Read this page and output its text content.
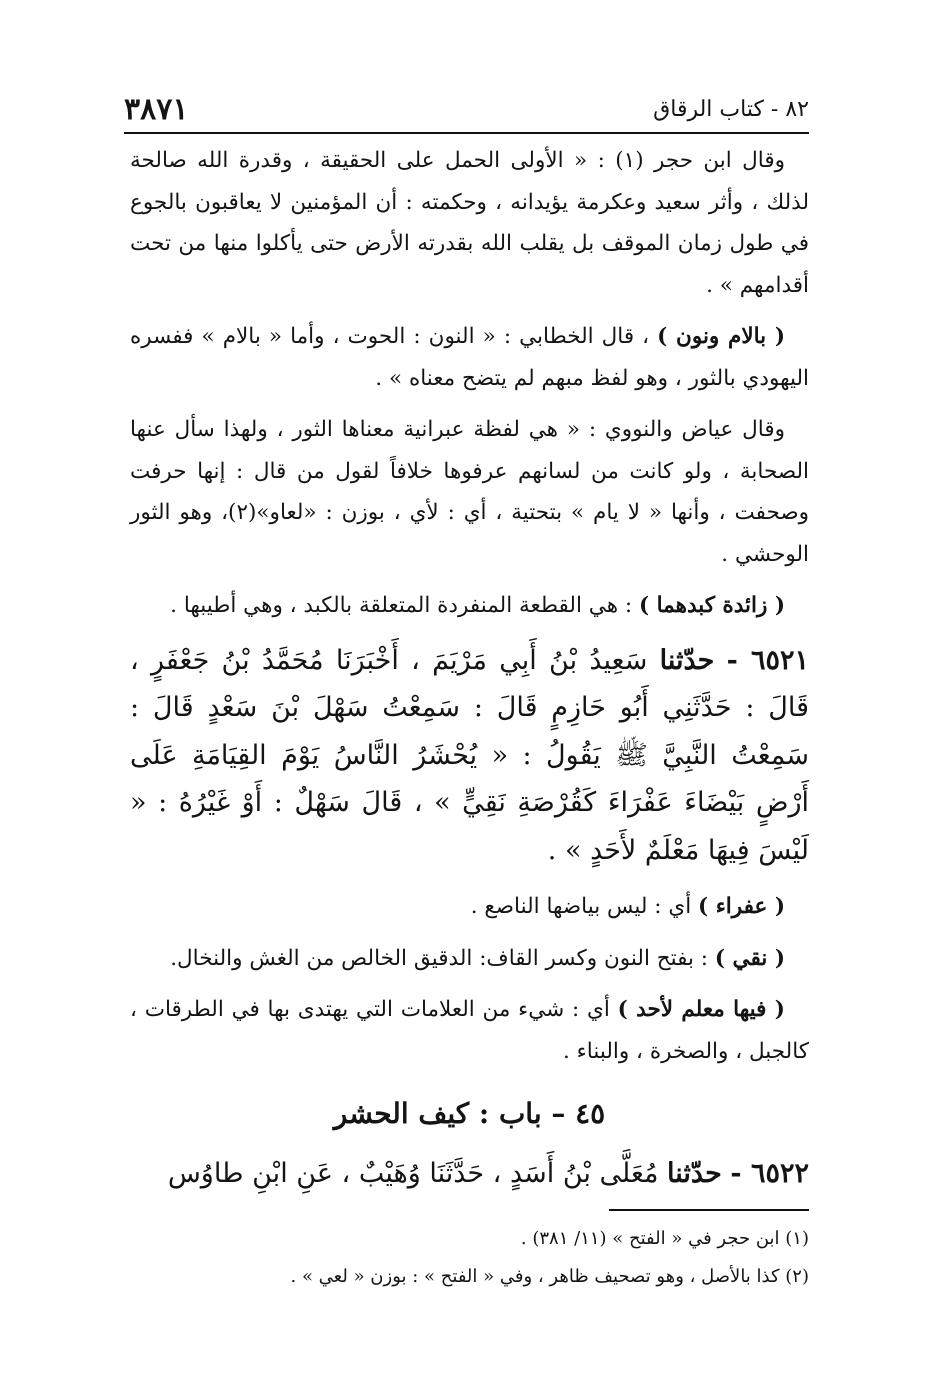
٣٨٧١	٨٢ - كتاب الرقاق

وقال ابن حجر (١) : « الأولى الحمل على الحقيقة ، وقدرة الله صالحة لذلك ، وأثر سعيد وعكرمة يؤيدانه ، وحكمته : أن المؤمنين لا يعاقبون بالجوع في طول زمان الموقف بل يقلب الله بقدرته الأرض حتى يأكلوا منها من تحت أقدامهم » .

( بالام ونون ) ، قال الخطابي : « النون : الحوت ، وأما « بالام » ففسره اليهودي بالثور ، وهو لفظ مبهم لم يتضح معناه » .

وقال عياض والنووي : « هي لفظة عبرانية معناها الثور ، ولهذا سأل عنها الصحابة ، ولو كانت من لسانهم عرفوها خلافاً لقول من قال : إنها حرفت وصحفت ، وأنها « لا يام » بتحتية ، أي : لأي ، بوزن : «لعاو»(٢)، وهو الثور الوحشي .

( زائدة كبدهما ) : هي القطعة المنفردة المتعلقة بالكبد ، وهي أطيبها .

٦٥٢١ - حدّثنا سَعِيدُ بْنُ أَبِي مَرْيَمَ ، أَخْبَرَنَا مُحَمَّدُ بْنُ جَعْفَرٍ ، قَالَ : حَدَّثَنِي أَبُو حَازِمٍ قَالَ : سَمِعْتُ سَهْلَ بْنَ سَعْدٍ قَالَ : سَمِعْتُ النَّبِيَّ ﷺ يَقُولُ : « يُحْشَرُ النَّاسُ يَوْمَ القِيَامَةِ عَلَى أَرْضٍ بَيْضَاءَ عَفْرَاءَ كَقُرْصَةِ نَقِيٍّ » ، قَالَ سَهْلٌ : أَوْ غَيْرُهُ : « لَيْسَ فِيهَا مَعْلَمٌ لأَحَدٍ » .

( عفراء ) أي : ليس بياضها الناصع .

( نقي ) : بفتح النون وكسر القاف: الدقيق الخالص من الغش والنخال.

( فيها معلم لأحد ) أي : شيء من العلامات التي يهتدى بها في الطرقات ، كالجبل ، والصخرة ، والبناء .

٤٥ – باب : كيف الحشر

٦٥٢٢ - حدّثنا مُعَلَّى بْنُ أَسَدٍ ، حَدَّثَنَا وُهَيْبٌ ، عَنِ ابْنِ طاوُس

(١) ابن حجر في « الفتح » (١١/ ٣٨١) .

(٢) كذا بالأصل ، وهو تصحيف ظاهر ، وفي « الفتح » : بوزن « لعي » .
